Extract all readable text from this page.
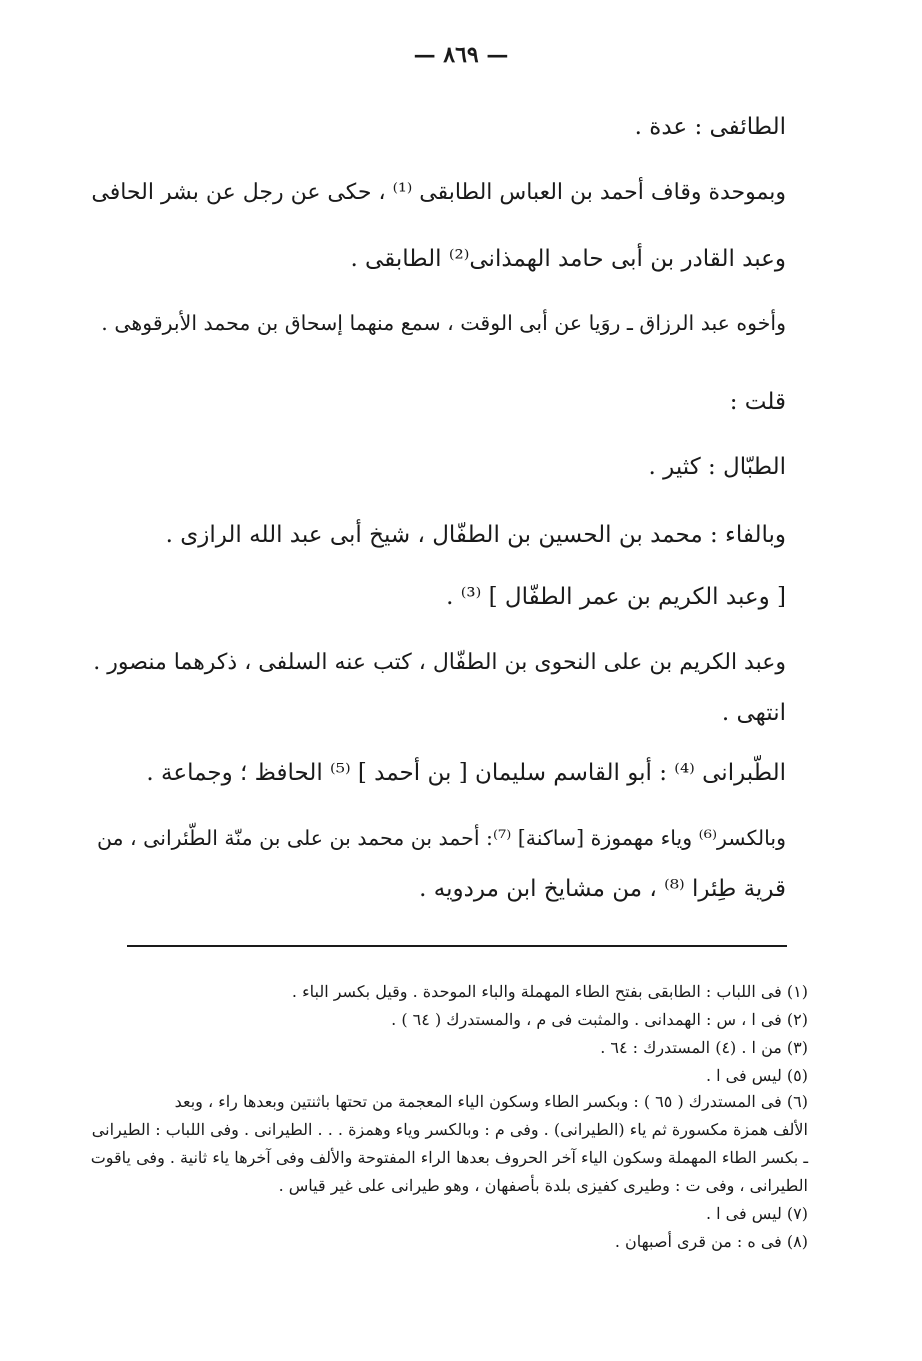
— ٨٦٩ —
الطائفى : عدة .
وبموحدة وقاف أحمد بن العباس الطابقى ⁽¹⁾ ، حكى عن رجل عن بشر الحافى
وعبد القادر بن أبى حامد الهمذانى⁽²⁾ الطابقى .
وأخوه عبد الرزاق ـ روَيا عن أبى الوقت ، سمع منهما إسحاق بن محمد الأبرقوهى .
قلت :
الطبّال : كثير .
وبالفاء : محمد بن الحسين بن الطفّال ، شيخ أبى عبد الله الرازى .
[ وعبد الكريم بن عمر الطفّال ] ⁽³⁾ .
وعبد الكريم بن على النحوى بن الطفّال ، كتب عنه السلفى ، ذكرهما منصور .
انتهى .
الطّبرانى ⁽⁴⁾ : أبو القاسم سليمان [ بن أحمد ] ⁽⁵⁾ الحافظ ؛ وجماعة .
وبالكسر⁽⁶⁾ وياء مهموزة [ساكنة] ⁽⁷⁾: أحمد بن محمد بن على بن منّة الطّئرانى ، من
قرية طِئرا ⁽⁸⁾ ، من مشايخ ابن مردويه .
(١) فى اللباب : الطابقى بفتح الطاء المهملة والباء الموحدة . وقيل بكسر الباء .
(٢) فى ا ، س : الهمدانى . والمثبت فى م ، والمستدرك ( ٦٤ ) .
(٣) من ا . (٤) المستدرك : ٦٤ .
(٥) ليس فى ا .
(٦) فى المستدرك ( ٦٥ ) : وبكسر الطاء وسكون الياء المعجمة من تحتها باثنتين وبعدها راء ، وبعد
الألف همزة مكسورة ثم ياء (الطيرانى) . وفى م : وبالكسر وياء وهمزة . . . الطيرانى . وفى اللباب : الطيرانى
ـ بكسر الطاء المهملة وسكون الياء آخر الحروف بعدها الراء المفتوحة والألف وفى آخرها ياء ثانية . وفى ياقوت
الطيرانى ، وفى ت : وطيرى كفيزى بلدة بأصفهان ، وهو طيرانى على غير قياس .
(٧) ليس فى ا .
(٨) فى ه : من قرى أصبهان .
